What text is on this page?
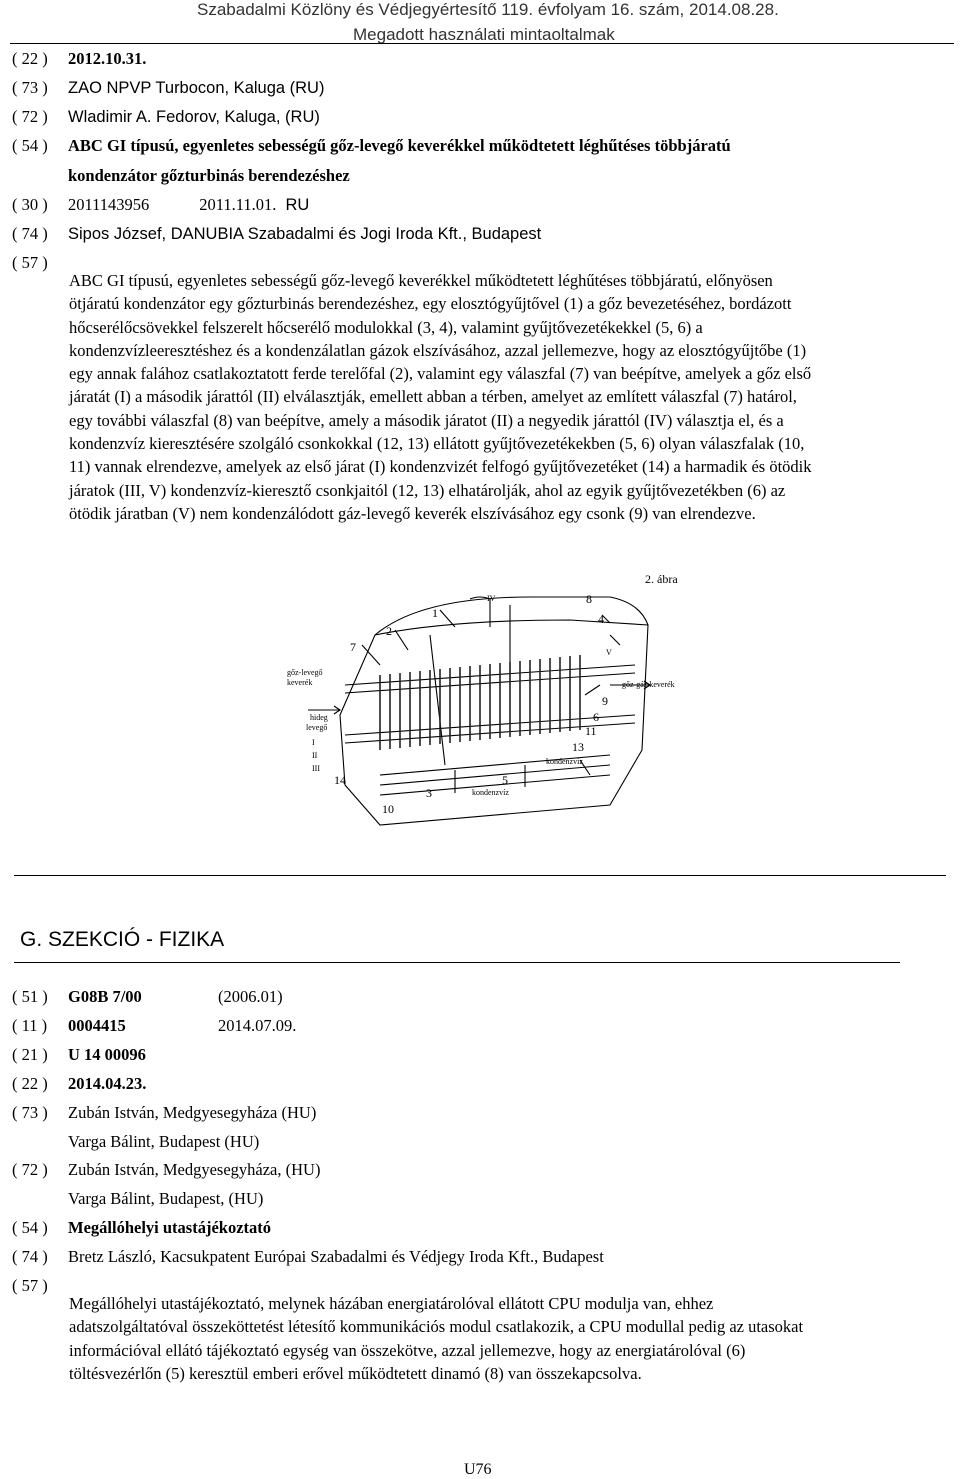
Szabadalmi Közlöny és Védjegyértesítő 119. évfolyam 16. szám, 2014.08.28.
Megadott használati mintaoltalmak
( 22 ) 2012.10.31.
( 73 ) ZAO NPVP Turbocon, Kaluga (RU)
( 72 ) Wladimir A. Fedorov, Kaluga, (RU)
( 54 ) ABC GI típusú, egyenletes sebességű gőz-levegő keverékkel működtetett léghűtéses többjáratú
kondenzátor gőzturbinás berendezéshez
( 30 ) 2011143956	2011.11.01. RU
( 74 ) Sipos József, DANUBIA Szabadalmi és Jogi Iroda Kft., Budapest
( 57 )
ABC GI típusú, egyenletes sebességű gőz-levegő keverékkel működtetett léghűtéses többjáratú, előnyösen
ötjáratú kondenzátor egy gőzturbinás berendezéshez, egy elosztógyűjtővel (1) a gőz bevezetéséhez, bordázott
hőcserélőcsövekkel felszerelt hőcserélő modulokkal (3, 4), valamint gyűjtővezetékekkel (5, 6) a
kondenzvízleeresztéshez és a kondenzálatlan gázok elszívásához, azzal jellemezve, hogy az elosztógyűjtőbe (1)
egy annak falához csatlakoztatott ferde terelőfal (2), valamint egy válaszfal (7) van beépítve, amelyek a gőz első
járatát (I) a második járattól (II) elválasztják, emellett abban a térben, amelyet az említett válaszfal (7) határol,
egy további válaszfal (8) van beépítve, amely a második járatot (II) a negyedik járattól (IV) választja el, és a
kondenzvíz kieresztésére szolgáló csonkokkal (12, 13) ellátott gyűjtővezetékekben (5, 6) olyan válaszfalak (10,
11) vannak elrendezve, amelyek az első járat (I) kondenzvizét felfogó gyűjtővezetéket (14) a harmadik és ötödik
járatok (III, V) kondenzvíz-kieresztő csonkjaitól (12, 13) elhatárolják, ahol az egyik gyűjtővezetékben (6) az
ötödik járatban (V) nem kondenzálódott gáz-levegő keverék elszívásához egy csonk (9) van elrendezve.
2. ábra
1
2
3
4
5
6
7
8
9
10
11
13
14
IV
V
I
II
III
gőz-levegő
keverék
hideg
levegő
gőz-gáz keverék
kondenzvíz
kondenzvíz
G. SZEKCIÓ - FIZIKA
( 51 ) G08B 7/00	(2006.01)
( 11 ) 0004415	2014.07.09.
( 21 ) U 14 00096
( 22 ) 2014.04.23.
( 73 ) Zubán István, Medgyesegyháza (HU)
Varga Bálint, Budapest (HU)
( 72 ) Zubán István, Medgyesegyháza, (HU)
Varga Bálint, Budapest, (HU)
( 54 ) Megállóhelyi utastájékoztató
( 74 ) Bretz László, Kacsukpatent Európai Szabadalmi és Védjegy Iroda Kft., Budapest
( 57 )
Megállóhelyi utastájékoztató, melynek házában energiatárolóval ellátott CPU modulja van, ehhez
adatszolgáltatóval összeköttetést létesítő kommunikációs modul csatlakozik, a CPU modullal pedig az utasokat
információval ellátó tájékoztató egység van összekötve, azzal jellemezve, hogy az energiatárolóval (6)
töltésvezérlőn (5) keresztül emberi erővel működtetett dinamó (8) van összekapcsolva.
U76
